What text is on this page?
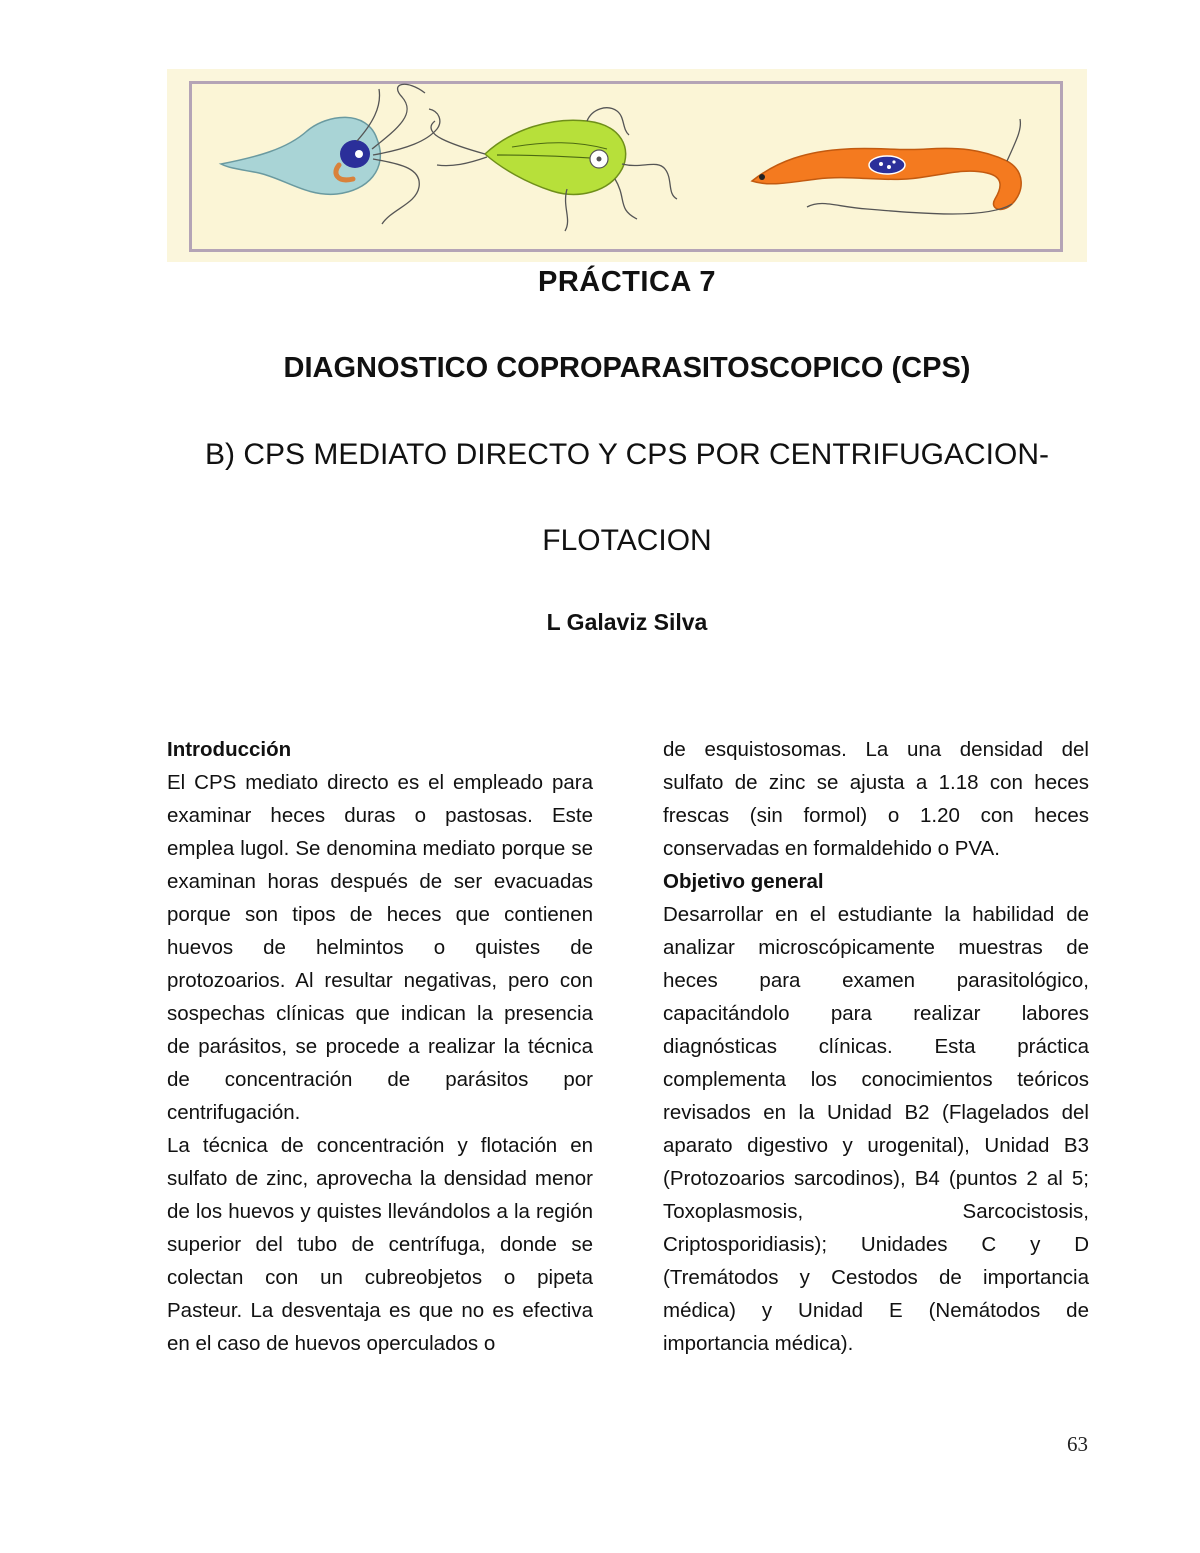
PRÁCTICA 7
DIAGNOSTICO COPROPARASITOSCOPICO (CPS)
B) CPS MEDIATO DIRECTO Y CPS POR CENTRIFUGACION-
FLOTACION

L Galaviz Silva

Introducción

El CPS mediato directo es el empleado para examinar heces duras o pastosas. Este emplea lugol. Se denomina mediato porque se examinan horas después de ser evacuadas porque son tipos de heces que contienen huevos de helmintos o quistes de protozoarios. Al resultar negativas, pero con sospechas clínicas que indican la presencia de parásitos, se procede a realizar la técnica de concentración de parásitos por centrifugación.

La técnica de concentración y flotación en sulfato de zinc, aprovecha la densidad menor de los huevos y quistes llevándolos a la región superior del tubo de centrífuga, donde se colectan con un cubreobjetos o pipeta Pasteur. La desventaja es que no es efectiva en el caso de huevos operculados o

de esquistosomas. La una densidad del sulfato de zinc se ajusta a 1.18 con heces frescas (sin formol) o 1.20 con heces conservadas en formaldehido o PVA.

Objetivo general

Desarrollar en el estudiante la habilidad de analizar microscópicamente muestras de heces para examen parasitológico, capacitándolo para realizar labores diagnósticas clínicas. Esta práctica complementa los conocimientos teóricos revisados en la Unidad B2 (Flagelados del aparato digestivo y urogenital), Unidad B3 (Protozoarios sarcodinos), B4 (puntos 2 al 5; Toxoplasmosis, Sarcocistosis, Criptosporidiasis); Unidades C y D (Tremátodos y Cestodos de importancia médica) y Unidad E (Nemátodos de importancia médica).

63
